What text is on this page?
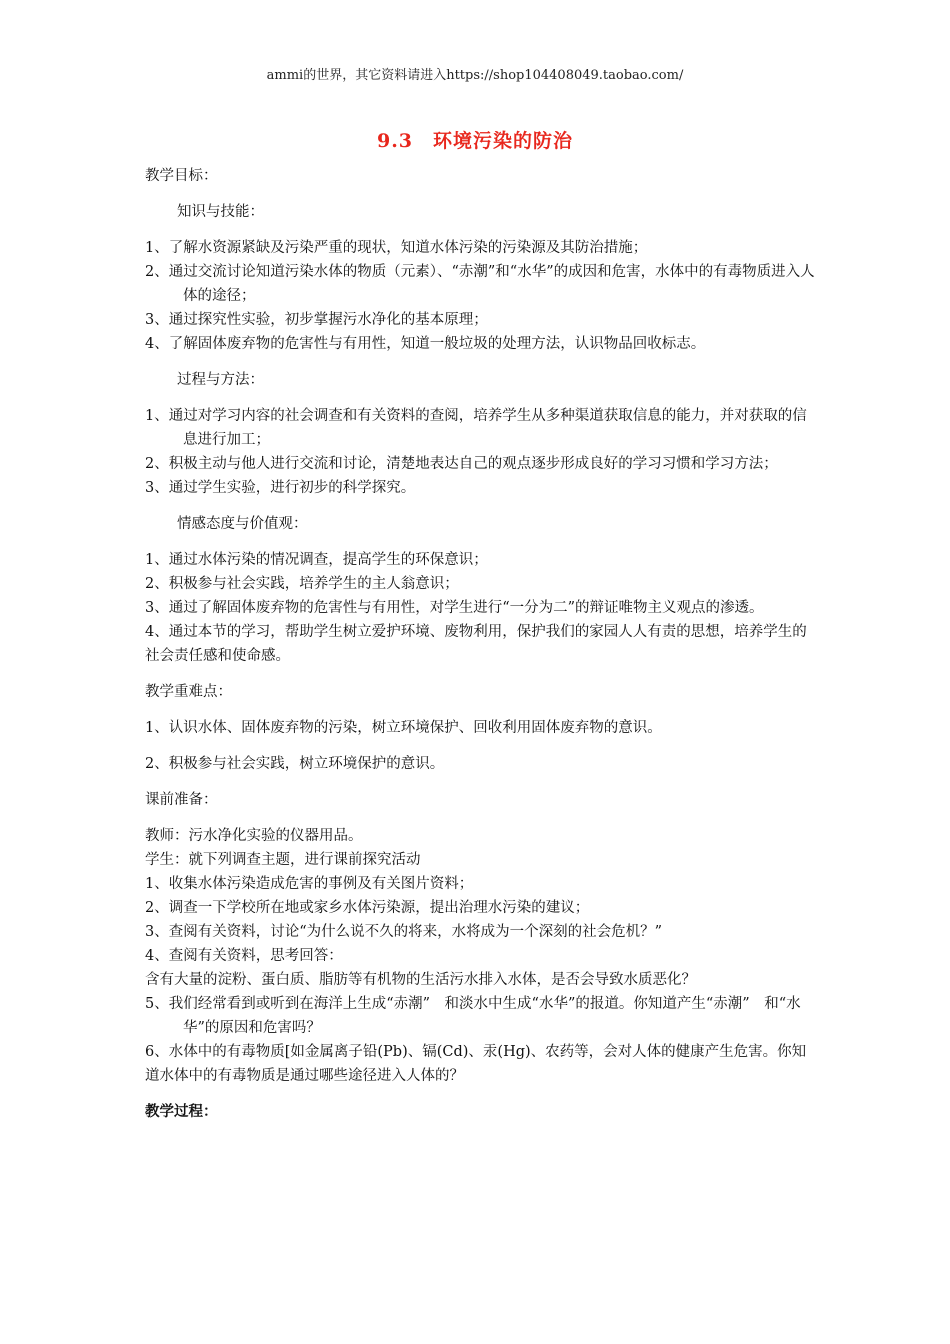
ammi的世界，其它资料请进入https://shop104408049.taobao.com/
9.3　环境污染的防治

教学目标：

知识与技能：

1、了解水资源紧缺及污染严重的现状，知道水体污染的污染源及其防治措施；

2、通过交流讨论知道污染水体的物质（元素）、“赤潮”和“水华”的成因和危害，水体中的有毒物质进入人体的途径；

3、通过探究性实验，初步掌握污水净化的基本原理；

4、了解固体废弃物的危害性与有用性，知道一般垃圾的处理方法，认识物品回收标志。

过程与方法：

1、通过对学习内容的社会调查和有关资料的查阅，培养学生从多种渠道获取信息的能力，并对获取的信息进行加工；

2、积极主动与他人进行交流和讨论，清楚地表达自己的观点逐步形成良好的学习习惯和学习方法；

3、通过学生实验，进行初步的科学探究。

情感态度与价值观：

1、通过水体污染的情况调查，提高学生的环保意识；

2、积极参与社会实践，培养学生的主人翁意识；

3、通过了解固体废弃物的危害性与有用性，对学生进行“一分为二”的辩证唯物主义观点的渗透。

4、通过本节的学习，帮助学生树立爱护环境、废物利用，保护我们的家园人人有责的思想，培养学生的社会责任感和使命感。

教学重难点：

1、认识水体、固体废弃物的污染，树立环境保护、回收利用固体废弃物的意识。

2、积极参与社会实践，树立环境保护的意识。

课前准备：

教师：污水净化实验的仪器用品。

学生：就下列调查主题，进行课前探究活动

1、收集水体污染造成危害的事例及有关图片资料；

2、调查一下学校所在地或家乡水体污染源，提出治理水污染的建议；

3、查阅有关资料，讨论“为什么说不久的将来，水将成为一个深刻的社会危机？”

4、查阅有关资料，思考回答：

含有大量的淀粉、蛋白质、脂肪等有机物的生活污水排入水体，是否会导致水质恶化？

5、我们经常看到或听到在海洋上生成“赤潮”　和淡水中生成“水华”的报道。你知道产生“赤潮”　和“水华”的原因和危害吗？

6、水体中的有毒物质[如金属离子铅(Pb)、镉(Cd)、汞(Hg)、农药等，会对人体的健康产生危害。你知道水体中的有毒物质是通过哪些途径进入人体的？

教学过程：
